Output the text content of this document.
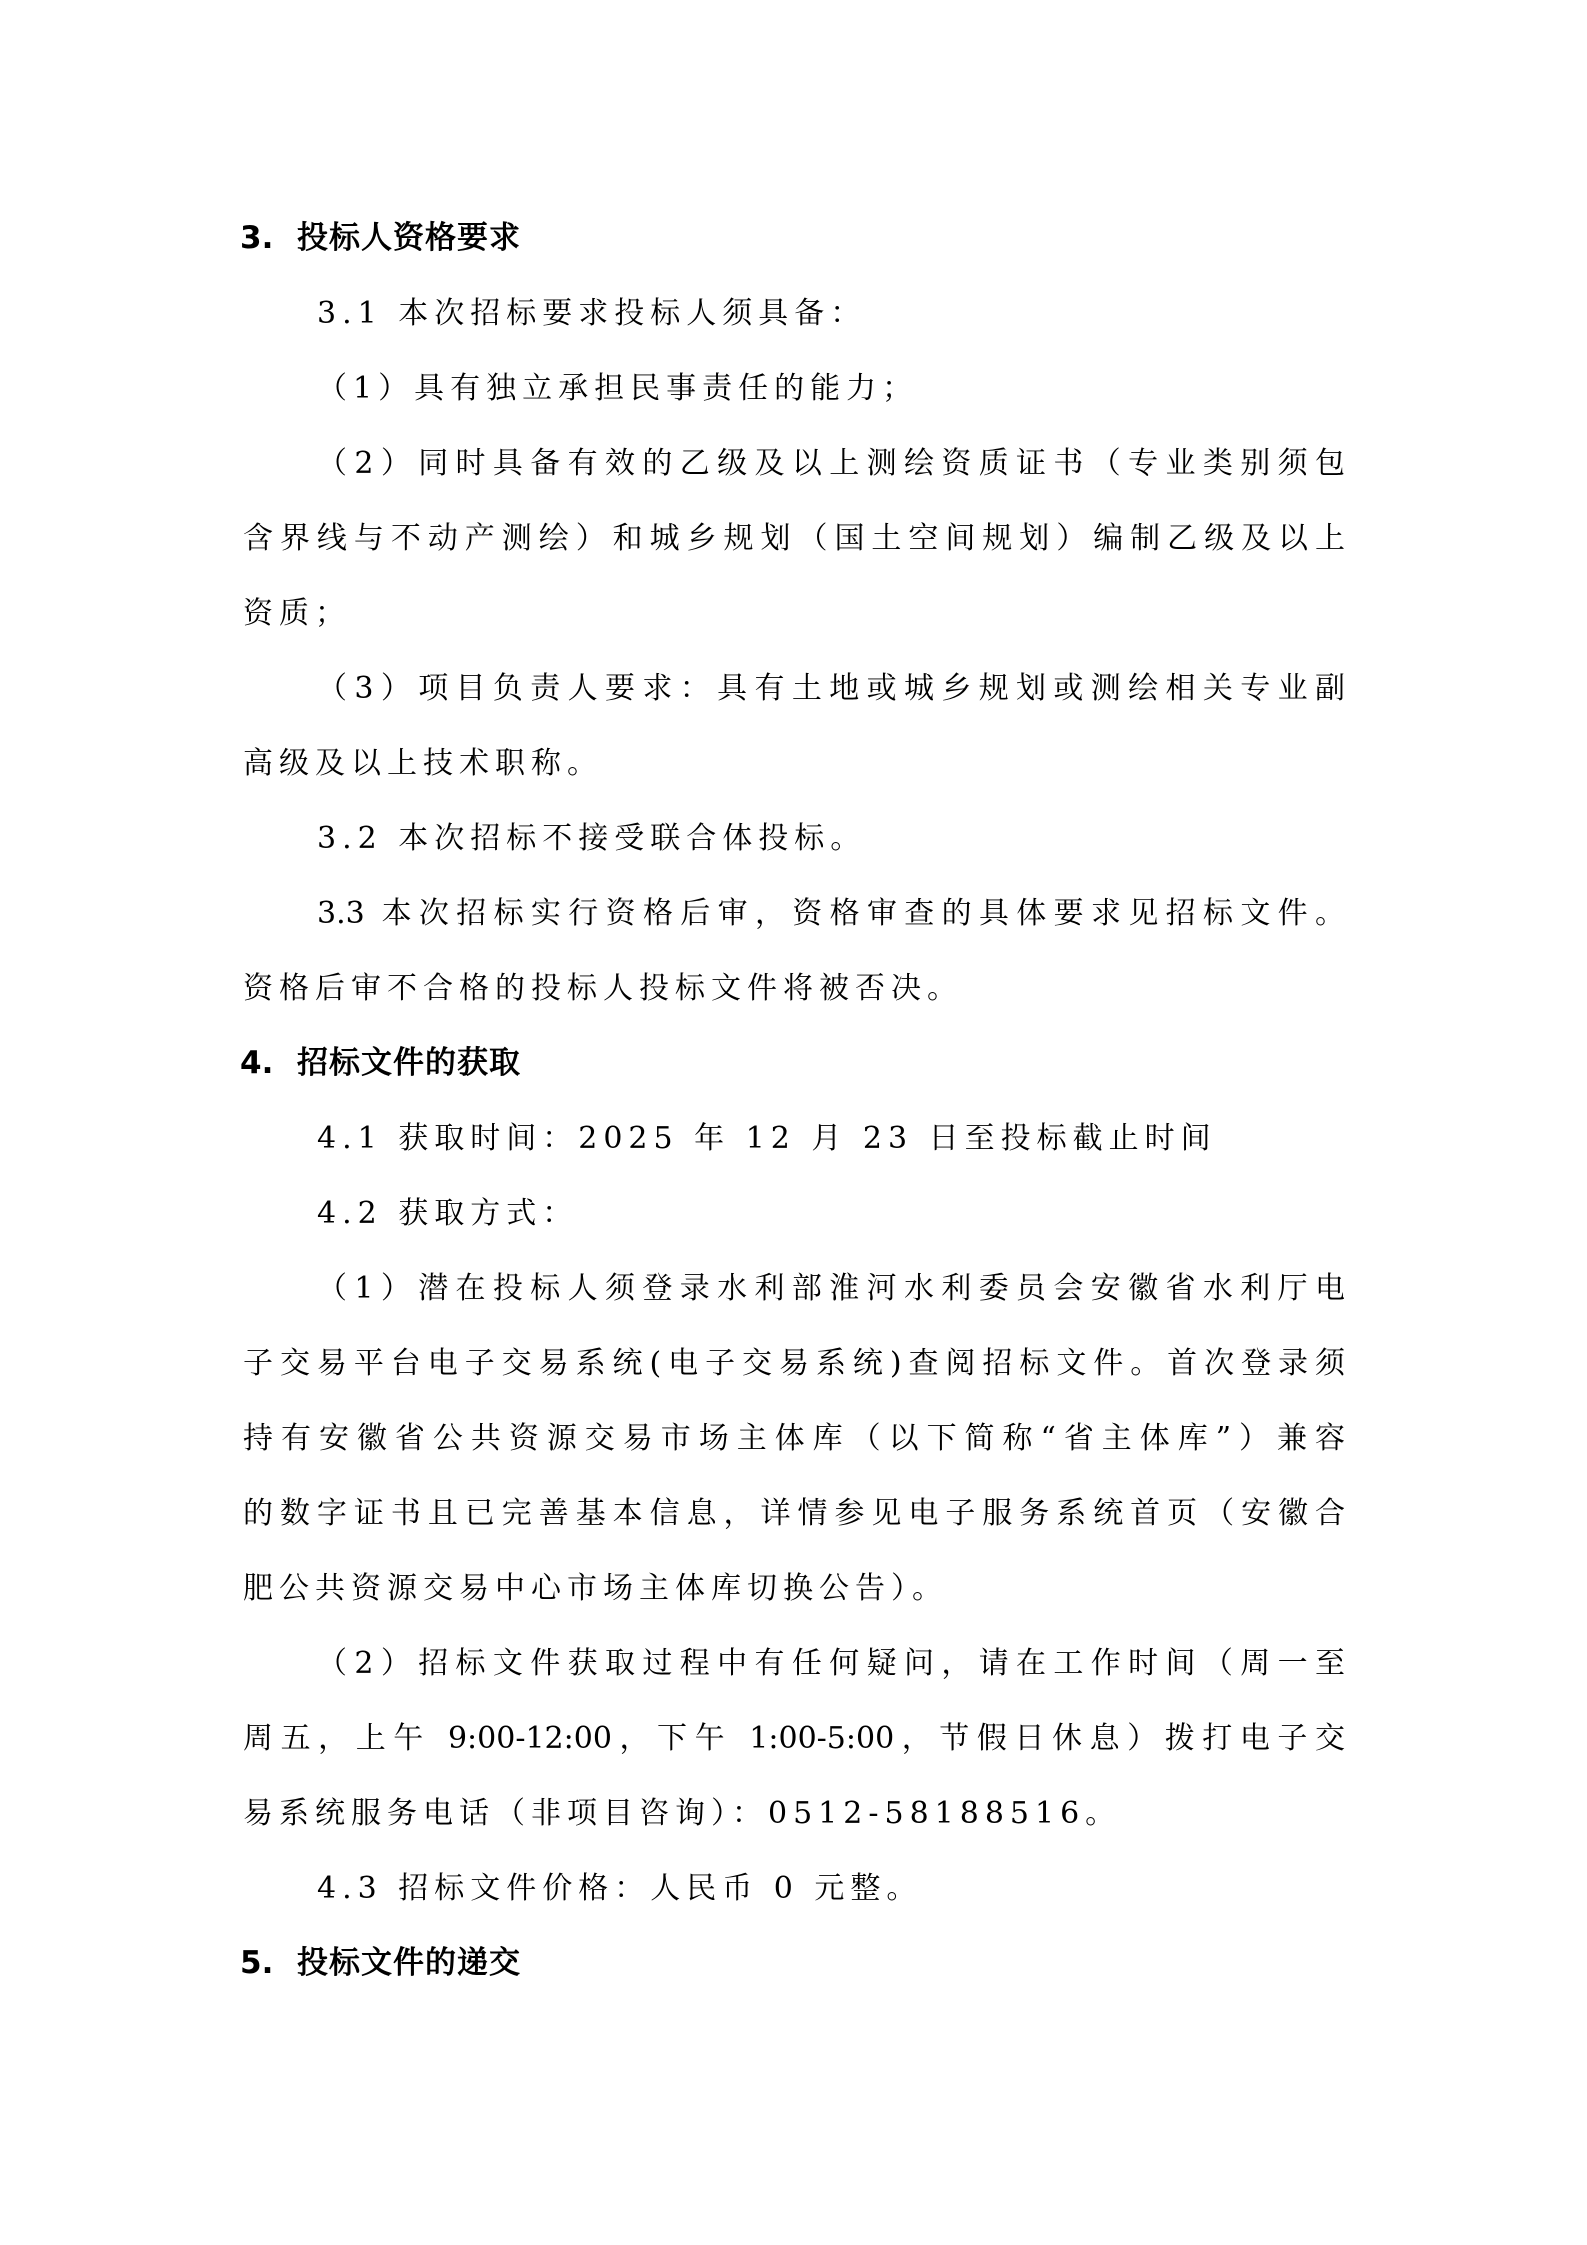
3. 投标人资格要求
3.1 本次招标要求投标人须具备：
（1）具有独立承担民事责任的能力；
（2）同时具备有效的乙级及以上测绘资质证书（专业类别须包
含界线与不动产测绘）和城乡规划（国土空间规划）编制乙级及以上
资质；
（3）项目负责人要求：具有土地或城乡规划或测绘相关专业副
高级及以上技术职称。
3.2 本次招标不接受联合体投标。
3.3 本次招标实行资格后审，资格审查的具体要求见招标文件。
资格后审不合格的投标人投标文件将被否决。
4. 招标文件的获取
4.1 获取时间：2025 年 12 月 23 日至投标截止时间
4.2 获取方式：
（1）潜在投标人须登录水利部淮河水利委员会安徽省水利厅电
子交易平台电子交易系统(电子交易系统)查阅招标文件。首次登录须
持有安徽省公共资源交易市场主体库（以下简称“省主体库”）兼容
的数字证书且已完善基本信息，详情参见电子服务系统首页（安徽合
肥公共资源交易中心市场主体库切换公告）。
（2）招标文件获取过程中有任何疑问，请在工作时间（周一至
周五，上午 9:00-12:00，下午 1:00-5:00，节假日休息）拨打电子交
易系统服务电话（非项目咨询）：0512-58188516。
4.3 招标文件价格：人民币 0 元整。
5. 投标文件的递交
